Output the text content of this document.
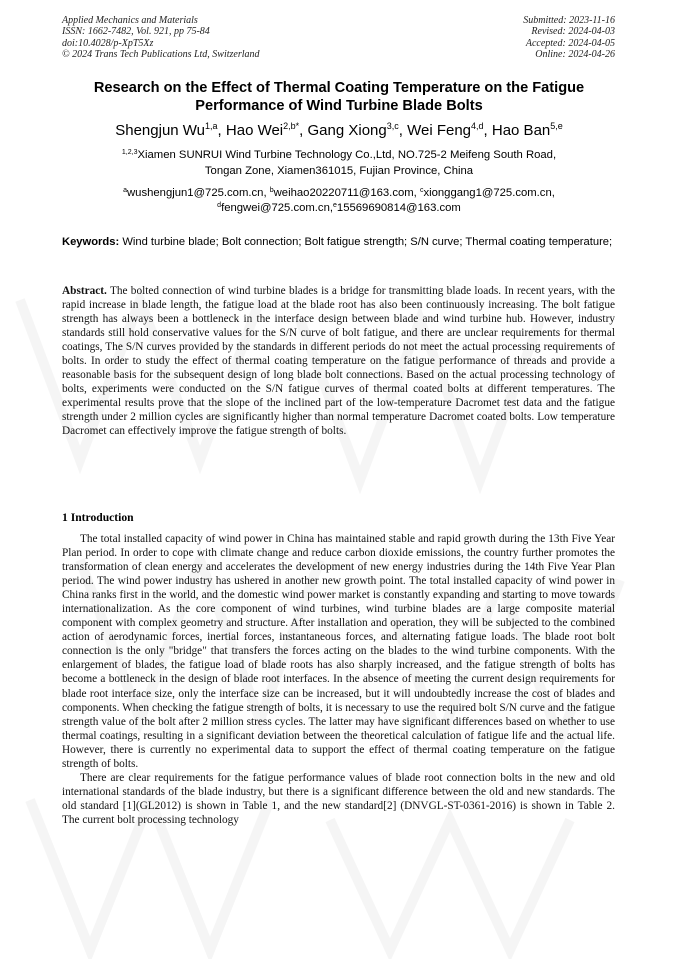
Applied Mechanics and Materials
ISSN: 1662-7482, Vol. 921, pp 75-84
doi:10.4028/p-XpT5Xz
© 2024 Trans Tech Publications Ltd, Switzerland
Submitted: 2023-11-16
Revised: 2024-04-03
Accepted: 2024-04-05
Online: 2024-04-26
Research on the Effect of Thermal Coating Temperature on the Fatigue Performance of Wind Turbine Blade Bolts
Shengjun Wu$^{1,a}$, Hao Wei$^{2,b*}$, Gang Xiong$^{3,c}$, Wei Feng$^{4,d}$, Hao Ban$^{5,e}$
$^{1,2,3}$Xiamen SUNRUI Wind Turbine Technology Co.,Ltd, NO.725-2 Meifeng South Road,
Tongan Zone, Xiamen361015, Fujian Province, China
$^a$wushengjun1@725.com.cn, $^b$weihao20220711@163.com, $^c$xionggang1@725.com.cn,
$^d$fengwei@725.com.cn,$^e$15569690814@163.com
Keywords: Wind turbine blade; Bolt connection; Bolt fatigue strength; S/N curve; Thermal coating temperature;
Abstract. The bolted connection of wind turbine blades is a bridge for transmitting blade loads. In recent years, with the rapid increase in blade length, the fatigue load at the blade root has also been continuously increasing. The bolt fatigue strength has always been a bottleneck in the interface design between blade and wind turbine hub. However, industry standards still hold conservative values for the S/N curve of bolt fatigue, and there are unclear requirements for thermal coatings, The S/N curves provided by the standards in different periods do not meet the actual processing requirements of bolts. In order to study the effect of thermal coating temperature on the fatigue performance of threads and provide a reasonable basis for the subsequent design of long blade bolt connections. Based on the actual processing technology of bolts, experiments were conducted on the S/N fatigue curves of thermal coated bolts at different temperatures. The experimental results prove that the slope of the inclined part of the low-temperature Dacromet test data and the fatigue strength under 2 million cycles are significantly higher than normal temperature Dacromet coated bolts. Low temperature Dacromet can effectively improve the fatigue strength of bolts.
1 Introduction

The total installed capacity of wind power in China has maintained stable and rapid growth during the 13th Five Year Plan period. In order to cope with climate change and reduce carbon dioxide emissions, the country further promotes the transformation of clean energy and accelerates the development of new energy industries during the 14th Five Year Plan period. The wind power industry has ushered in another new growth point. The total installed capacity of wind power in China ranks first in the world, and the domestic wind power market is constantly expanding and starting to move towards internationalization. As the core component of wind turbines, wind turbine blades are a large composite material component with complex geometry and structure. After installation and operation, they will be subjected to the combined action of aerodynamic forces, inertial forces, instantaneous forces, and alternating fatigue loads. The blade root bolt connection is the only "bridge" that transfers the forces acting on the blades to the wind turbine components. With the enlargement of blades, the fatigue load of blade roots has also sharply increased, and the fatigue strength of bolts has become a bottleneck in the design of blade root interfaces. In the absence of meeting the current design requirements for blade root interface size, only the interface size can be increased, but it will undoubtedly increase the cost of blades and components. When checking the fatigue strength of bolts, it is necessary to use the required bolt S/N curve and the fatigue strength value of the bolt after 2 million stress cycles. The latter may have significant differences based on whether to use thermal coatings, resulting in a significant deviation between the theoretical calculation of fatigue life and the actual life. However, there is currently no experimental data to support the effect of thermal coating temperature on the fatigue strength of bolts.

There are clear requirements for the fatigue performance values of blade root connection bolts in the new and old international standards of the blade industry, but there is a significant difference between the old and new standards. The old standard [1](GL2012) is shown in Table 1, and the new standard[2] (DNVGL-ST-0361-2016) is shown in Table 2. The current bolt processing technology
